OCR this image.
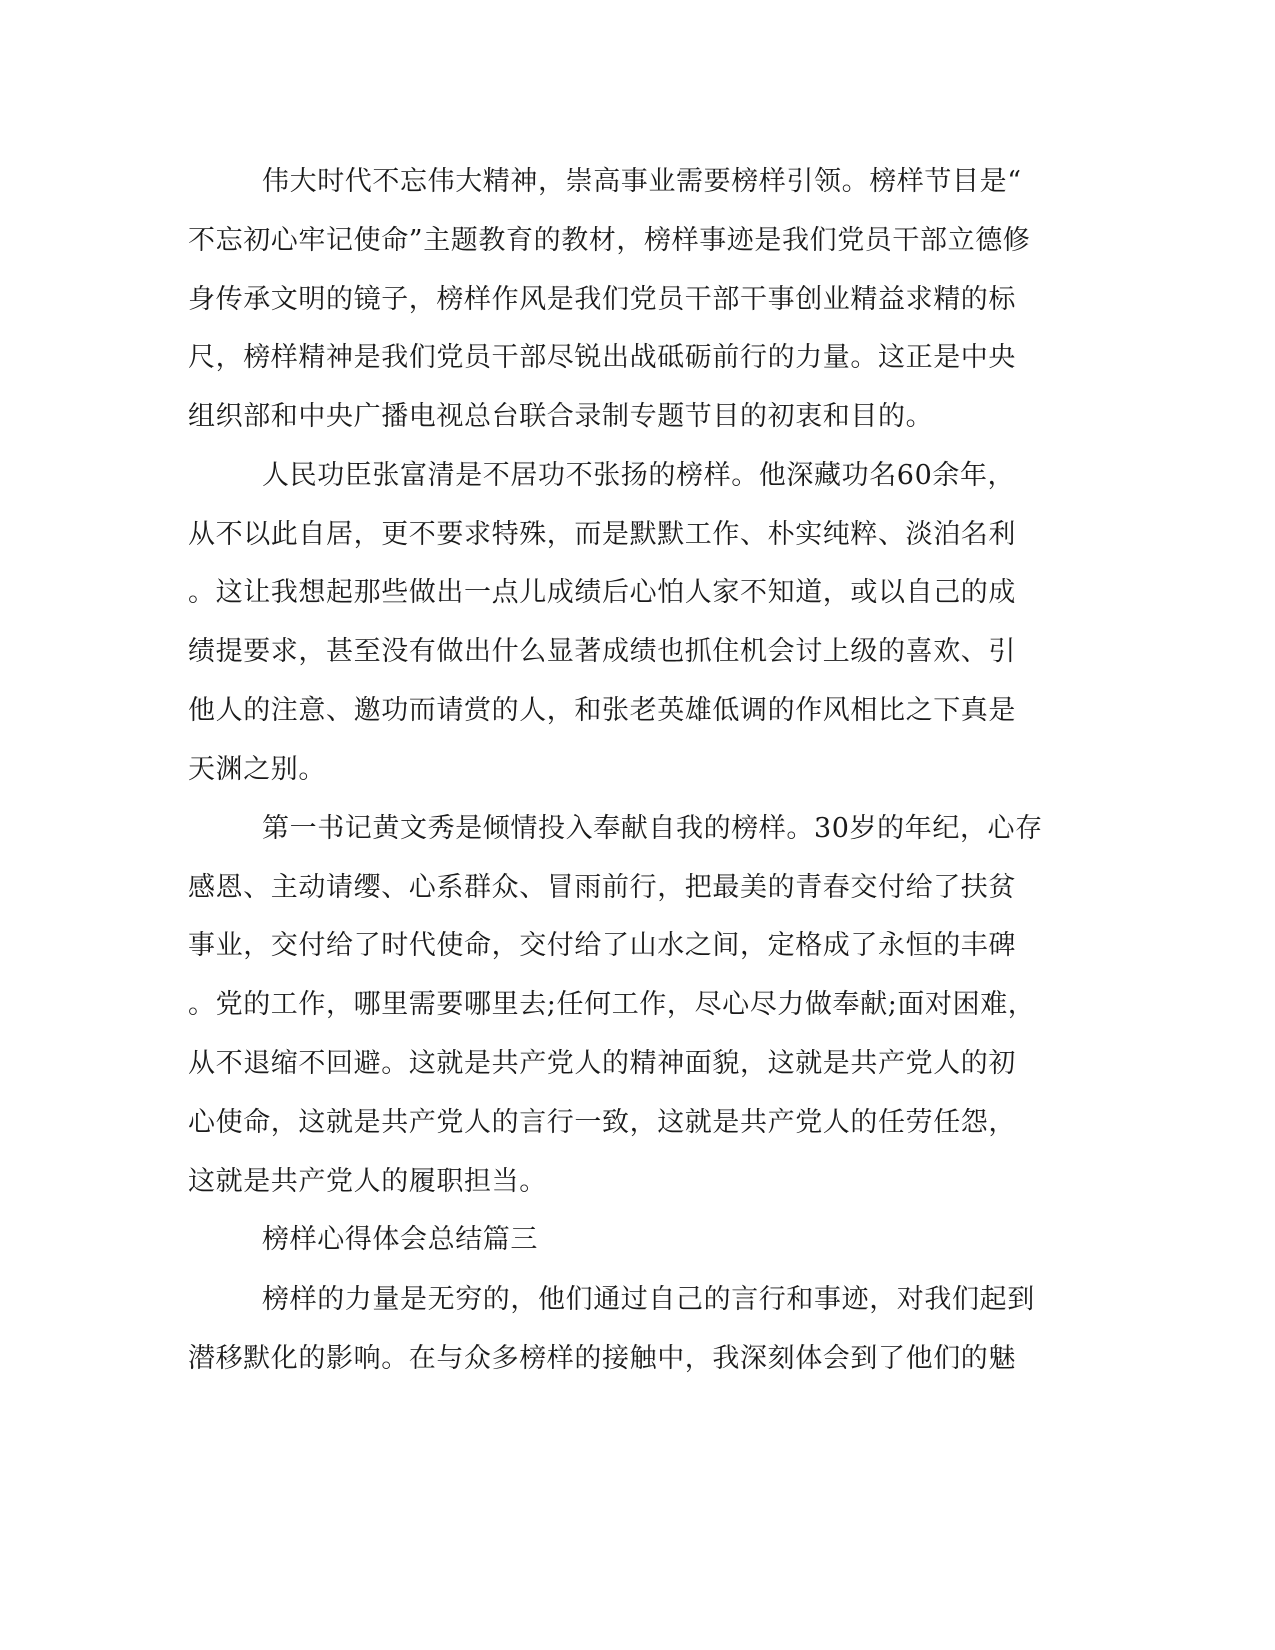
伟大时代不忘伟大精神，崇高事业需要榜样引领。榜样节目是“
不忘初心牢记使命”主题教育的教材，榜样事迹是我们党员干部立德修
身传承文明的镜子，榜样作风是我们党员干部干事创业精益求精的标
尺，榜样精神是我们党员干部尽锐出战砥砺前行的力量。这正是中央
组织部和中央广播电视总台联合录制专题节目的初衷和目的。
人民功臣张富清是不居功不张扬的榜样。他深藏功名60余年，
从不以此自居，更不要求特殊，而是默默工作、朴实纯粹、淡泊名利
。这让我想起那些做出一点儿成绩后心怕人家不知道，或以自己的成
绩提要求，甚至没有做出什么显著成绩也抓住机会讨上级的喜欢、引
他人的注意、邀功而请赏的人，和张老英雄低调的作风相比之下真是
天渊之别。
第一书记黄文秀是倾情投入奉献自我的榜样。30岁的年纪，心存
感恩、主动请缨、心系群众、冒雨前行，把最美的青春交付给了扶贫
事业，交付给了时代使命，交付给了山水之间，定格成了永恒的丰碑
。党的工作，哪里需要哪里去;任何工作，尽心尽力做奉献;面对困难，
从不退缩不回避。这就是共产党人的精神面貌，这就是共产党人的初
心使命，这就是共产党人的言行一致，这就是共产党人的任劳任怨，
这就是共产党人的履职担当。
榜样心得体会总结篇三
榜样的力量是无穷的，他们通过自己的言行和事迹，对我们起到
潜移默化的影响。在与众多榜样的接触中，我深刻体会到了他们的魅
